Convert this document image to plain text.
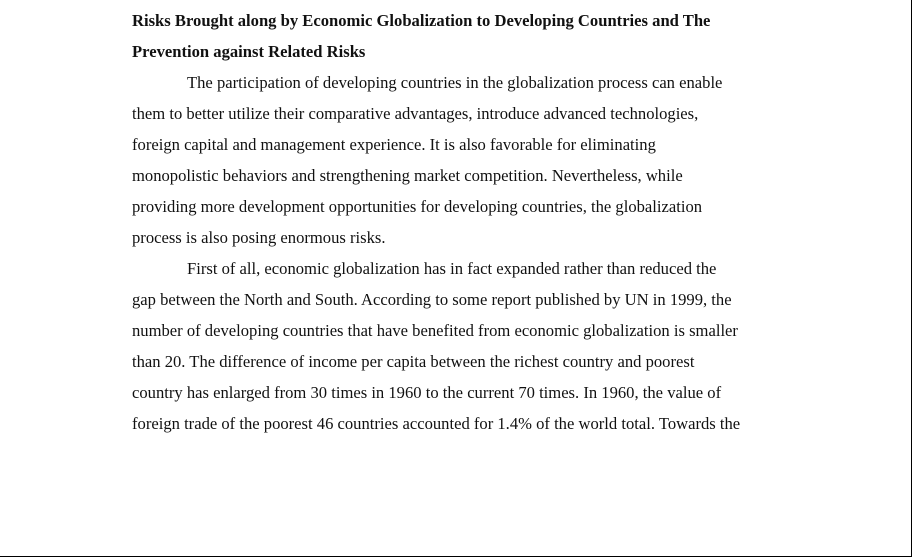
Risks Brought along by Economic Globalization to Developing Countries and The
Prevention against Related Risks

The participation of developing countries in the globalization process can enable
them to better utilize their comparative advantages, introduce advanced technologies,
foreign capital and management experience. It is also favorable for eliminating
monopolistic behaviors and strengthening market competition. Nevertheless, while
providing more development opportunities for developing countries, the globalization
process is also posing enormous risks.

First of all, economic globalization has in fact expanded rather than reduced the
gap between the North and South. According to some report published by UN in 1999, the
number of developing countries that have benefited from economic globalization is smaller
than 20. The difference of income per capita between the richest country and poorest
country has enlarged from 30 times in 1960 to the current 70 times. In 1960, the value of
foreign trade of the poorest 46 countries accounted for 1.4% of the world total. Towards the
